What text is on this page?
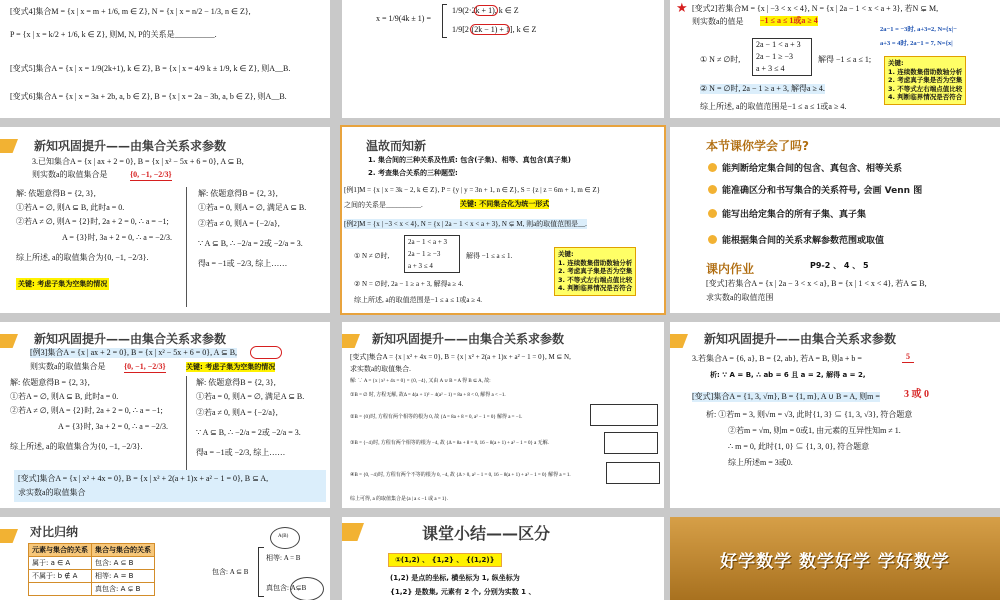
[变式4]集合M = {x | x = m + 1/6, m ∈ Z}, N = {x | x = n/2 − 1/3, n ∈ Z},
P = {x | x = k/2 + 1/6, k ∈ Z}, 则M, N, P的关系是__________.
[变式5]集合A = {x | x = 1/9(2k+1), k ∈ Z}, B = {x | x = 4/9 k ± 1/9, k ∈ Z}, 则A__B.
[变式6]集合A = {x | x = 3a + 2b, a, b ∈ Z}, B = {x | x = 2a − 3b, a, b ∈ Z}, 则A__B.
x = 1/9(4k ± 1) =
1/9(2·2k + 1), k ∈ Z
1/9[2·(2k − 1) + 1], k ∈ Z
★ [变式2]若集合M = {x | −3 < x < 4}, N = {x | 2a − 1 < x < a + 3}, 若N ⊊ M,
则实数a的值是 −1 ≤ a ≤ 1或a ≥ 4
2a−1 = −3时, a+3=2, N={x|−
a+3 = 4时, 2a−1 = 7, N={x|
① N ≠ ∅时,
2a − 1 < a + 3
2a − 1 ≥ −3
a + 3 ≤ 4
解得 −1 ≤ a ≤ 1;
② N = ∅时, 2a − 1 ≥ a + 3, 解得a ≥ 4.
综上所述, a的取值范围是−1 ≤ a ≤ 1或a ≥ 4.
关键:
1. 连续数集借助数轴分析
2. 考虑真子集是否为空集
3. 不等式左右端点值比较
4. 判断临界情况是否符合
新知巩固提升——由集合关系求参数
3.已知集合A = {x | ax + 2 = 0}, B = {x | x² − 5x + 6 = 0}, A ⊆ B,
则实数a的取值集合是	{0, −1, −2/3}
解: 依题意得B = {2, 3},
①若A = ∅, 则A ⊆ B, 此时a = 0.
②若A ≠ ∅, 则A = {2}时, 2a + 2 = 0, ∴ a = −1;
A = {3}时, 3a + 2 = 0, ∴ a = −2/3.
综上所述, a的取值集合为{0, −1, −2/3}.
解: 依题意得B = {2, 3},
①若a = 0, 则A = ∅, 满足A ⊆ B.
②若a ≠ 0, 则A = {−2/a},
∵ A ⊆ B, ∴ −2/a = 2或 −2/a = 3.
得a = −1或 −2/3, 综上……
关键: 考虑子集为空集的情况
温故而知新
1. 集合间的三种关系及性质: 包含(子集)、相等、真包含(真子集)
2. 考查集合关系的三种题型:
[例1]M = {x | x = 3k − 2, k ∈ Z}, P = {y | y = 3n + 1, n ∈ Z}, S = {z | z = 6m + 1, m ∈ Z}
之间的关系是__________.	关键: 不同集合化为统一形式
[例2]M = {x | −3 < x < 4}, N = {x | 2a − 1 < x < a + 3}, N ⊊ M, 则a的取值范围是__.
① N ≠ ∅时,
2a − 1 < a + 3
2a − 1 ≥ −3
a + 3 ≤ 4
解得 −1 ≤ a ≤ 1.
② N = ∅时, 2a − 1 ≥ a + 3, 解得a ≥ 4.
综上所述, a的取值范围是−1 ≤ a ≤ 1或a ≥ 4.
关键:
1. 连续数集借助数轴分析
2. 考虑真子集是否为空集
3. 不等式左右端点值比较
4. 判断临界情况是否符合
本节课你学会了吗?
能判断给定集合间的包含、真包含、相等关系
能准确区分和书写集合的关系符号, 会画 Venn 图
能写出给定集合的所有子集、真子集
能根据集合间的关系求解参数范围或取值
课内作业	P9-2 、 4 、 5
[变式]若集合A = {x | 2a − 3 < x < a}, B = {x | 1 < x < 4}, 若A ⊆ B,
求实数a的取值范围
新知巩固提升——由集合关系求参数
[例3]集合A = {x | ax + 2 = 0}, B = {x | x² − 5x + 6 = 0}, A ⊆ B,
则实数a的取值集合是 {0, −1, −2/3}	关键: 考虑子集为空集的情况
解: 依题意得B = {2, 3},
①若A = ∅, 则A ⊆ B, 此时a = 0.
②若A ≠ ∅, 则A = {2}时, 2a + 2 = 0, ∴ a = −1;
A = {3}时, 3a + 2 = 0, ∴ a = −2/3.
综上所述, a的取值集合为{0, −1, −2/3}.
解: 依题意得B = {2, 3},
①若a = 0, 则A = ∅, 满足A ⊆ B.
②若a ≠ 0, 则A = {−2/a},
∵ A ⊆ B, ∴ −2/a = 2或 −2/a = 3.
得a = −1或 −2/3, 综上……
[变式]集合A = {x | x² + 4x = 0}, B = {x | x² + 2(a + 1)x + a² − 1 = 0}, B ⊆ A,
求实数a的取值集合
新知巩固提升——由集合关系求参数
[变式]集合A = {x | x² + 4x = 0}, B = {x | x² + 2(a + 1)x + a² − 1 = 0}, M ⊆ N,
求实数a的取值集合.
解: ∵ A = {x | x² + 4x = 0} = {0, −4}, 又由 A ∪ B = A 得 B ⊆ A, 故:
①B = ∅ 时, 方程无解, 故Δ = 4(a + 1)² − 4(a² − 1) = 8a + 8 < 0, 解得 a < −1.
②B = {0}时, 方程有两个相等的根为 0, 故 {Δ = 8a + 8 = 0, a² − 1 = 0} 解得 a = −1.
③B = {−4}时, 方程有两个相等的根为 −4, 故 {Δ = 8a + 8 = 0, 16 − 8(a + 1) + a² − 1 = 0} a 无解.
④B = {0, −4}时, 方程有两个不等的根为 0, −4, 故 {Δ > 0, a² − 1 = 0, 16 − 8(a + 1) + a² − 1 = 0} 解得 a = 1.
综上可得, a 的取值集合是{a | a ≤ −1 或 a = 1}.
新知巩固提升——由集合关系求参数
3.若集合A = {6, a}, B = {2, ab}, 若A = B, 则a + b =	5
析: ∵ A = B, ∴ ab = 6 且 a = 2, 解得 a = 2,
[变式]集合A = {1, 3, √m}, B = {1, m}, A ∪ B = A, 则m = 3 或 0
析: ①若m = 3, 则√m = √3, 此时{1, 3} ⊆ {1, 3, √3}, 符合题意
②若m = √m, 则m = 0或1, 由元素的互异性知m ≠ 1.
∴ m = 0, 此时{1, 0} ⊆ {1, 3, 0}, 符合题意
综上所述m = 3或0.
对比归纳
元素与集合的关系	集合与集合的关系
属于: a ∈ A	包含: A ⊆ B
不属于: b ∉ A	相等: A = B
	真包含: A ⊊ B
包含: A ⊆ B
A(B)
相等: A = B
真包含: A⊊B
课堂小结——区分
①(1,2) 、 {1,2} 、 {(1,2)}
(1,2) 是点的坐标, 横坐标为 1, 纵坐标为
{1,2} 是数集, 元素有 2 个, 分别为实数 1 、
好学数学 数学好学 学好数学
